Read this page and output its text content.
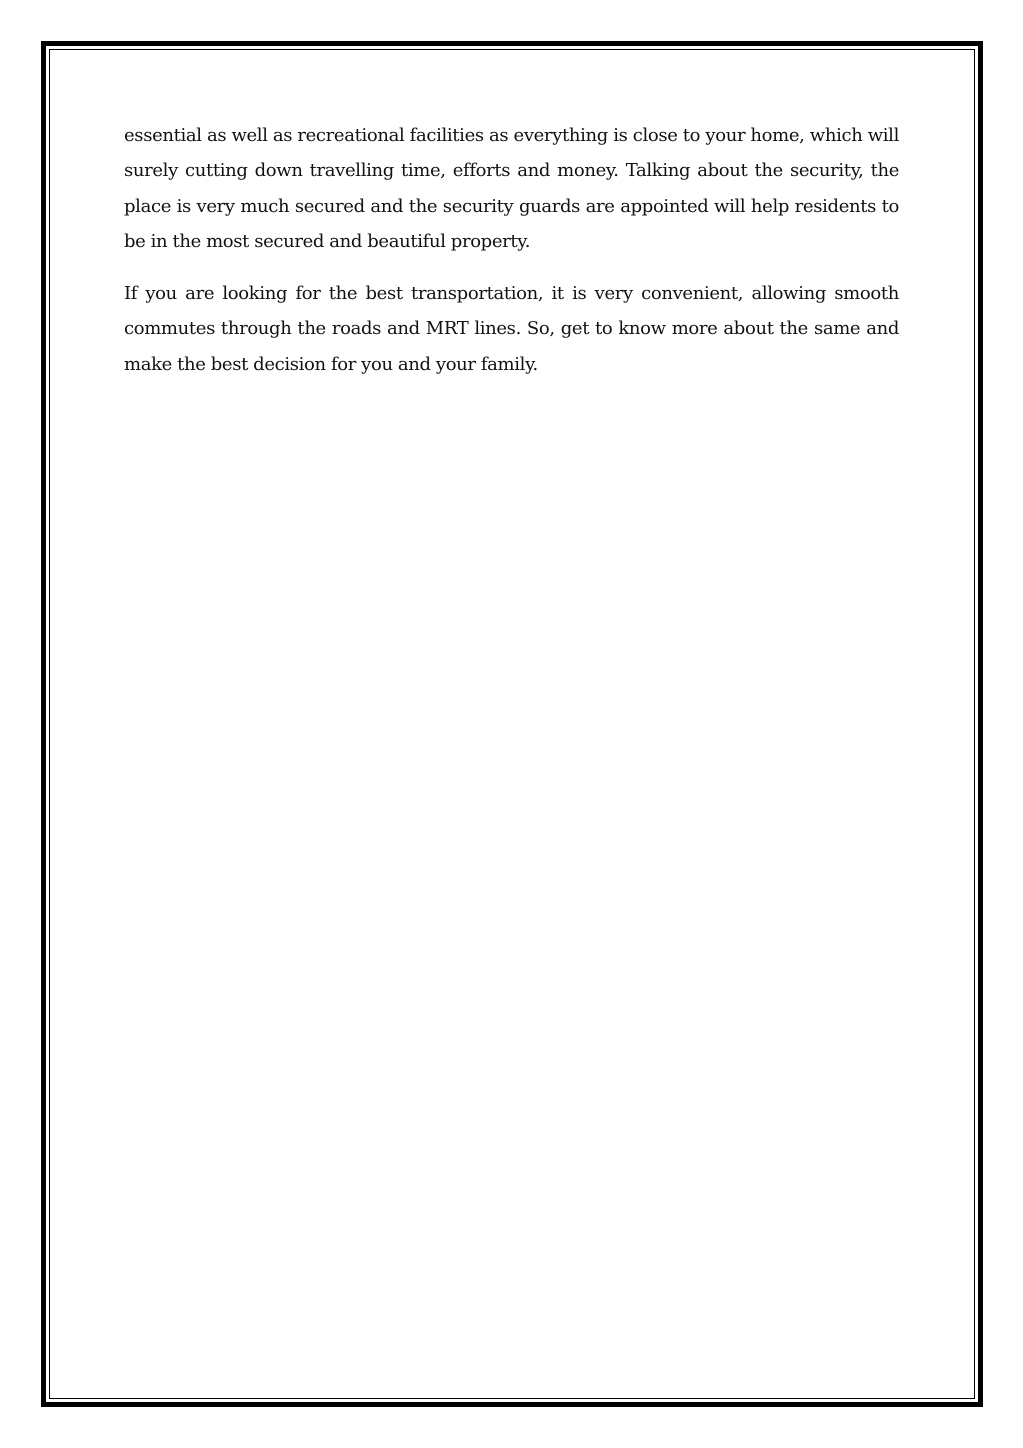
essential as well as recreational facilities as everything is close to your home, which will surely cutting down travelling time, efforts and money. Talking about the security, the place is very much secured and the security guards are appointed will help residents to be in the most secured and beautiful property.

If you are looking for the best transportation, it is very convenient, allowing smooth commutes through the roads and MRT lines. So, get to know more about the same and make the best decision for you and your family.
